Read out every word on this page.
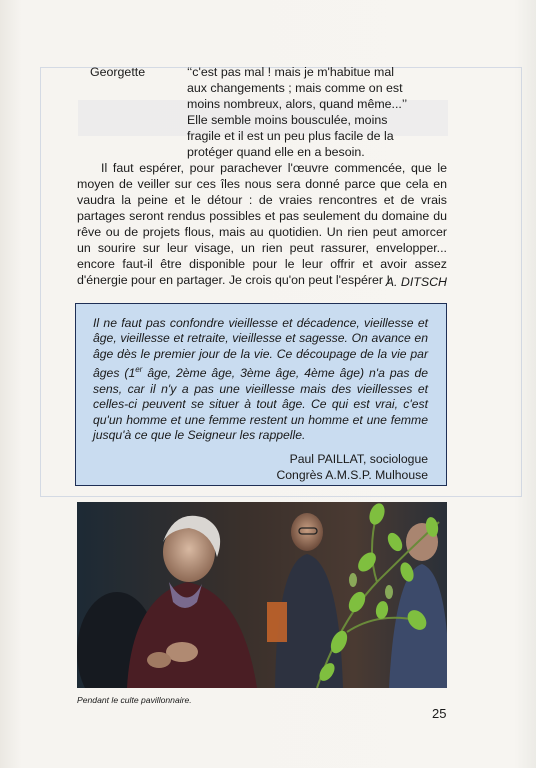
Georgette	‘‘c'est pas mal ! mais je m'habitue mal
aux changements ; mais comme on est
moins nombreux, alors, quand même...’’
Elle semble moins bousculée, moins
fragile et il est un peu plus facile de la
protéger quand elle en a besoin.

Il faut espérer, pour parachever l'œuvre commencée, que le moyen de veiller sur ces îles nous sera donné parce que cela en vaudra la peine et le détour : de vraies rencontres et de vrais partages seront rendus possibles et pas seulement du domaine du rêve ou de projets flous, mais au quotidien. Un rien peut amorcer un sourire sur leur visage, un rien peut rassurer, envelopper... encore faut-il être disponible pour le leur offrir et avoir assez d'énergie pour en partager. Je crois qu'on peut l'espérer !

A. DITSCH

Il ne faut pas confondre vieillesse et décadence, vieillesse et âge, vieillesse et retraite, vieillesse et sagesse. On avance en âge dès le premier jour de la vie. Ce découpage de la vie par âges (1er âge, 2ème âge, 3ème âge, 4ème âge) n'a pas de sens, car il n'y a pas une vieillesse mais des vieillesses et celles-ci peuvent se situer à tout âge. Ce qui est vrai, c'est qu'un homme et une femme restent un homme et une femme jusqu'à ce que le Seigneur les rappelle.

Paul PAILLAT, sociologue
Congrès A.M.S.P. Mulhouse
Pendant le culte pavillonnaire.
25
